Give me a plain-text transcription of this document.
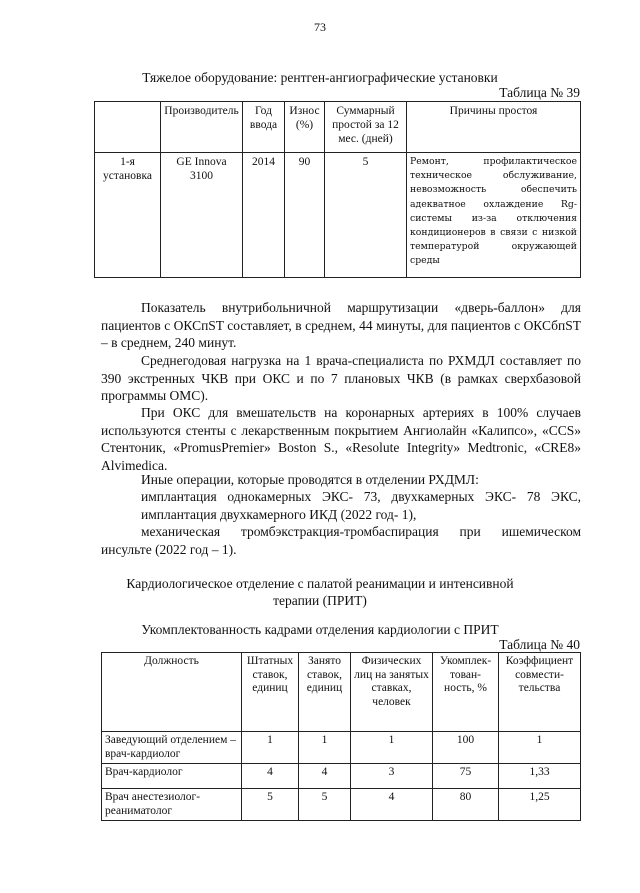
73
Тяжелое оборудование: рентген-ангиографические установки
Таблица № 39
	Производитель	Год ввода	Износ (%)	Суммарный простой за 12 мес. (дней)	Причины простоя
1-я установка	GE Innova 3100	2014	90	5	Ремонт, профилактическое техническое обслуживание, невозможность обеспечить адекватное охлаждение Rg-системы из-за отключения кондиционеров в связи с низкой температурой окружающей среды
Показатель внутрибольничной маршрутизации «дверь-баллон» для пациентов с ОКСпST составляет, в среднем, 44 минуты, для пациентов с ОКСбпST – в среднем, 240 минут.
Среднегодовая нагрузка на 1 врача-специалиста по РХМДЛ составляет по 390 экстренных ЧКВ при ОКС и по 7 плановых ЧКВ (в рамках сверхбазовой программы ОМС).
При ОКС для вмешательств на коронарных артериях в 100% случаев используются стенты с лекарственным покрытием Ангиолайн «Калипсо», «CCS» Стентоник, «PromusPremier» Boston S., «Resolute Integrity» Medtronic, «CRE8» Alvimedica.
Иные операции, которые проводятся в отделении РХДМЛ:
имплантация однокамерных ЭКС- 73, двухкамерных ЭКС- 78 ЭКС, имплантация двухкамерного ИКД (2022 год- 1),
механическая тромбэкстракция-тромбаспирация при ишемическом инсульте (2022 год – 1).
Кардиологическое отделение с палатой реанимации и интенсивной
терапии (ПРИТ)
Укомплектованность кадрами отделения кардиологии с ПРИТ
Таблица № 40
Должность	Штатных ставок, единиц	Занято ставок, единиц	Физических лиц на занятых ставках, человек	Укомплек-тован-ность, %	Коэффициент совмести-тельства
Заведующий отделением – врач-кардиолог	1	1	1	100	1
Врач-кардиолог	4	4	3	75	1,33
Врач анестезиолог-реаниматолог	5	5	4	80	1,25
